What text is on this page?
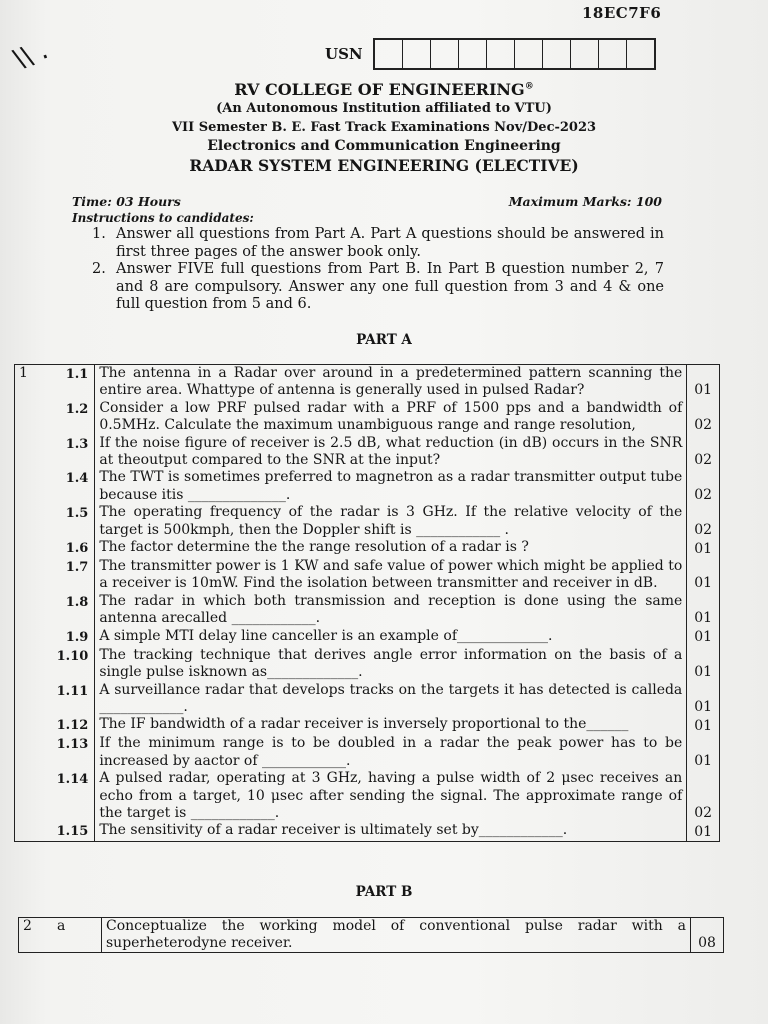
18EC7F6
\\ .	USN
RV COLLEGE OF ENGINEERING®
(An Autonomous Institution affiliated to VTU)
VII Semester B. E. Fast Track Examinations Nov/Dec-2023
Electronics and Communication Engineering
RADAR SYSTEM ENGINEERING (ELECTIVE)
Time: 03 Hours	Maximum Marks: 100
Instructions to candidates:
1. Answer all questions from Part A. Part A questions should be answered in first three pages of the answer book only.
2. Answer FIVE full questions from Part B. In Part B question number 2, 7 and 8 are compulsory. Answer any one full question from 3 and 4 & one full question from 5 and 6.
PART A
1	1.1	The antenna in a Radar over around in a predetermined pattern scanning the entire area. Whattype of antenna is generally used in pulsed Radar?	01
	1.2	Consider a low PRF pulsed radar with a PRF of 1500 pps and a bandwidth of 0.5MHz. Calculate the maximum unambiguous range and range resolution,	02
	1.3	If the noise figure of receiver is 2.5 dB, what reduction (in dB) occurs in the SNR at theoutput compared to the SNR at the input?	02
	1.4	The TWT is sometimes preferred to magnetron as a radar transmitter output tube because itis ______________.	02
	1.5	The operating frequency of the radar is 3 GHz. If the relative velocity of the target is 500kmph, then the Doppler shift is ____________ .	02
	1.6	The factor determine the the range resolution of a radar is ?	01
	1.7	The transmitter power is 1 KW and safe value of power which might be applied to a receiver is 10mW. Find the isolation between transmitter and receiver in dB.	01
	1.8	The radar in which both transmission and reception is done using the same antenna arecalled ____________.	01
	1.9	A simple MTI delay line canceller is an example of_____________.	01
	1.10	The tracking technique that derives angle error information on the basis of a single pulse isknown as_____________.	01
	1.11	A surveillance radar that develops tracks on the targets it has detected is calleda ____________.	01
	1.12	The IF bandwidth of a radar receiver is inversely proportional to the______	01
	1.13	If the minimum range is to be doubled in a radar the peak power has to be increased by aactor of ____________.	01
	1.14	A pulsed radar, operating at 3 GHz, having a pulse width of 2 μsec receives an echo from a target, 10 μsec after sending the signal. The approximate range of the target is ____________.	02
	1.15	The sensitivity of a radar receiver is ultimately set by____________.	01
PART B
2	a	Conceptualize the working model of conventional pulse radar with a superheterodyne receiver.	08
